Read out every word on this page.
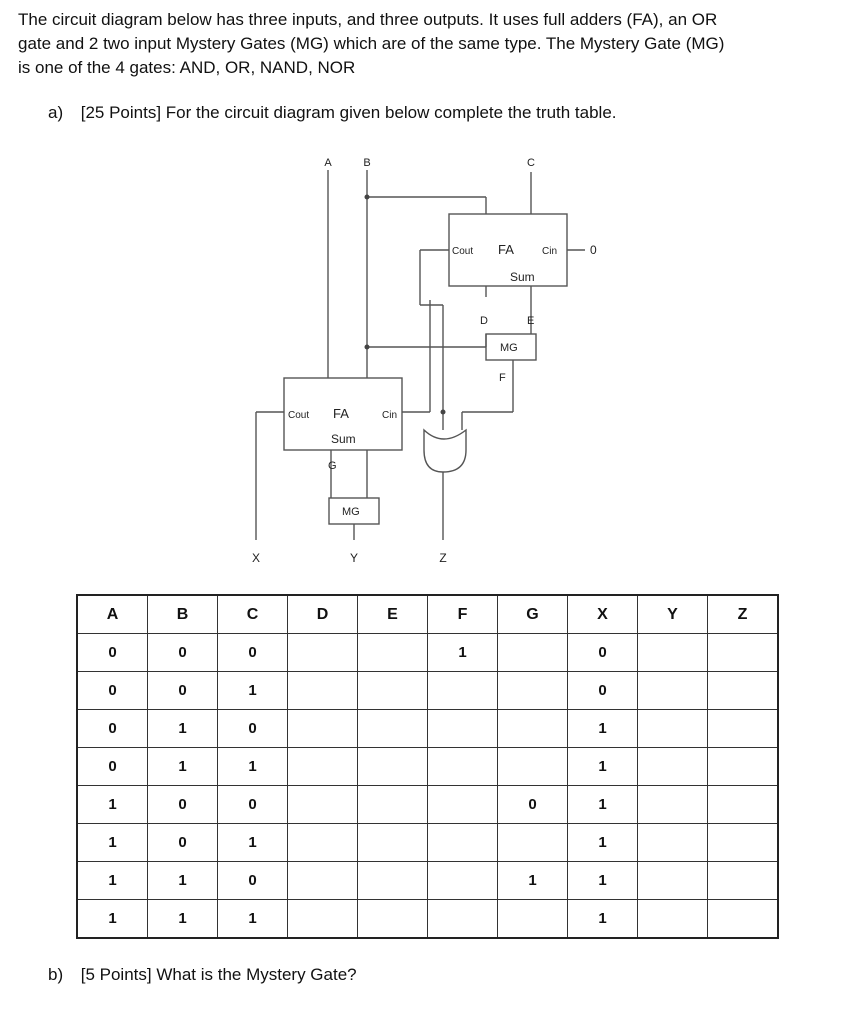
The circuit diagram below has three inputs, and three outputs. It uses full adders (FA), an OR

gate and 2 two input Mystery Gates (MG) which are of the same type. The Mystery Gate (MG)

is one of the 4 gates: AND, OR, NAND, NOR

a) [25 Points] For the circuit diagram given below complete the truth table.
A	B	C
Cout FA	Cin
Sum
0
D	E
MG
F
Cout FA	Cin
Sum
G
MG
X	Y	Z
A	B	C	D	E	F	G	X	Y	Z
0	0	0			1		0		
0	0	1					0		
0	1	0					1		
0	1	1					1		
1	0	0				0	1		
1	0	1					1		
1	1	0				1	1		
1	1	1					1		
b) [5 Points] What is the Mystery Gate?
